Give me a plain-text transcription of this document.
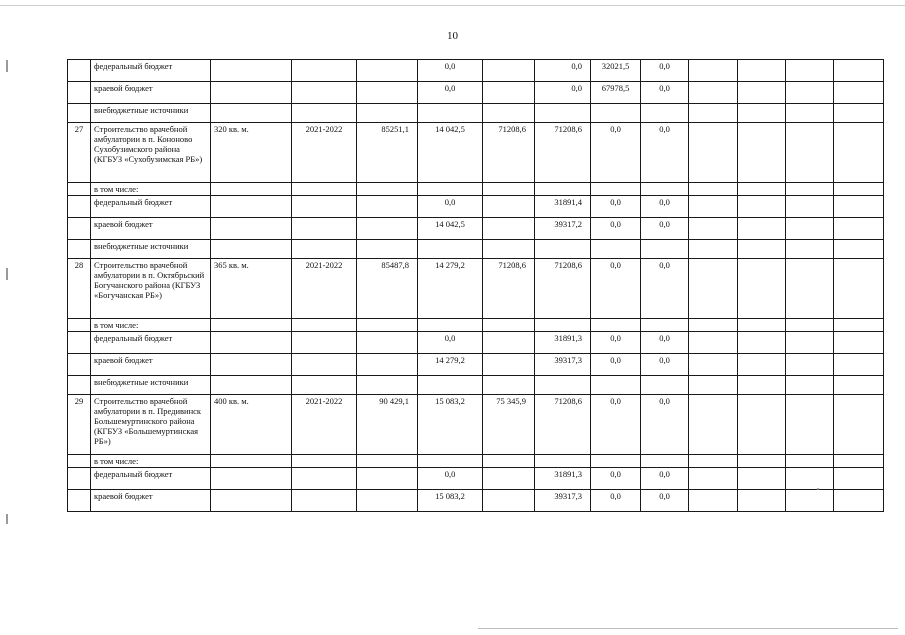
10
	федеральный бюджет				0,0		0,0	32021,5	0,0				
	краевой бюджет				0,0		0,0	67978,5	0,0				
	внебюджетные источники												
27	Строительство врачебной амбулатории в п. Кононово Сухобузимского района (КГБУЗ «Сухобузимская РБ»)	320 кв. м.	2021-2022	85251,1	14 042,5	71208,6	71208,6	0,0	0,0				
	в том числе:												
	федеральный бюджет				0,0		31891,4	0,0	0,0				
	краевой бюджет				14 042,5		39317,2	0,0	0,0				
	внебюджетные источники												
28	Строительство врачебной амбулатории в п. Октябрьский Богучанского района (КГБУЗ «Богучанская РБ»)	365 кв. м.	2021-2022	85487,8	14 279,2	71208,6	71208,6	0,0	0,0				
	в том числе:												
	федеральный бюджет				0,0		31891,3	0,0	0,0				
	краевой бюджет				14 279,2		39317,3	0,0	0,0				
	внебюджетные источники												
29	Строительство врачебной амбулатории в п. Предивинск Большемуртинского района (КГБУЗ «Большемуртинская РБ»)	400 кв. м.	2021-2022	90 429,1	15 083,2	75 345,9	71208,6	0,0	0,0				
	в том числе:												
	федеральный бюджет				0,0		31891,3	0,0	0,0				
	краевой бюджет				15 083,2		39317,3	0,0	0,0				
